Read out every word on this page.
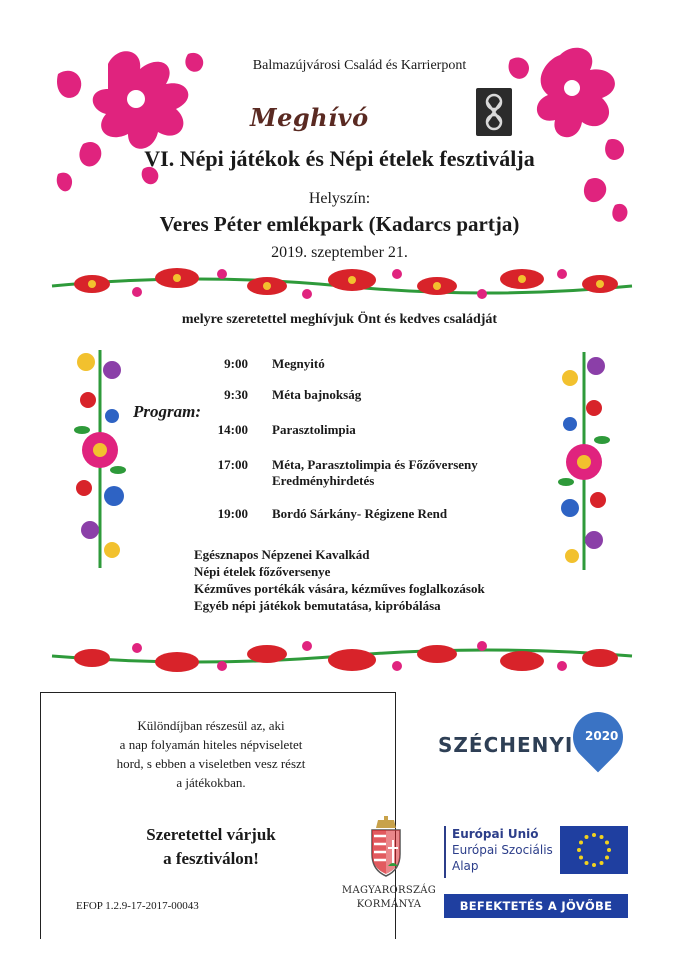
Balmazújvárosi Család és Karrierpont
Meghívó
VI. Népi játékok és Népi ételek fesztiválja
Helyszín:
Veres Péter emlékpark (Kadarcs partja)
2019. szeptember 21.
melyre szeretettel meghívjuk Önt és kedves családját
Program:
9:00	Megnyitó
9:30	Méta bajnokság
14:00	Parasztolimpia
17:00	Méta, Parasztolimpia és Főzőverseny
Eredményhirdetés
19:00	Bordó Sárkány- Régizene Rend
Egésznapos Népzenei Kavalkád
Népi ételek főzőversenye
Kézműves portékák vására, kézműves foglalkozások
Egyéb népi játékok bemutatása, kipróbálása
Különdíjban részesül az, aki
a nap folyamán hiteles népviseletet
hord, s ebben a viseletben vesz részt
a játékokban.
Szeretettel várjuk
a fesztiválon!
EFOP 1.2.9-17-2017-00043
SZÉCHENYI 2020
MAGYARORSZÁG
KORMÁNYA
Európai Unió
Európai Szociális
Alap
BEFEKTETÉS A JÖVŐBE
